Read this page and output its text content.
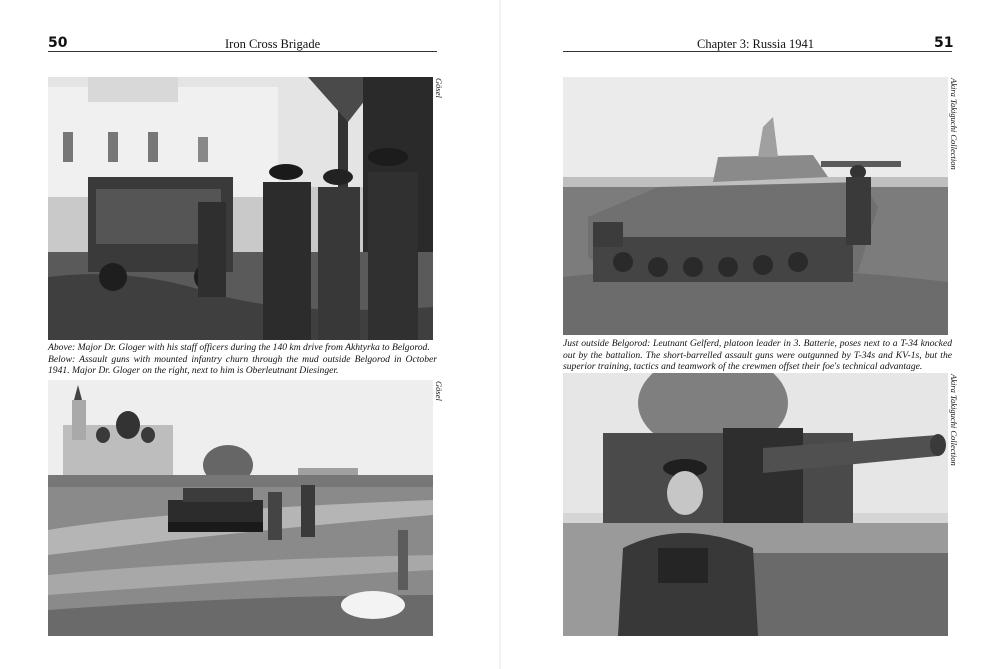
50	Iron Cross Brigade
Gösel

Above: Major Dr. Gloger with his staff officers during the 140 km drive from Akhtyrka to Belgorod.

Below: Assault guns with mounted infantry churn through the mud outside Belgorod in October 1941. Major Dr. Gloger on the right, next to him is Oberleutnant Diesinger.

Gösel
Chapter 3: Russia 1941	51
Akira Takiguchi Collection

Just outside Belgorod: Leutnant Gelferd, platoon leader in 3. Batterie, poses next to a T-34 knocked out by the battalion. The short-barrelled assault guns were outgunned by T-34s and KV-1s, but the superior training, tactics and teamwork of the crewmen offset their foe's technical advantage.

Akira Takiguchi Collection
